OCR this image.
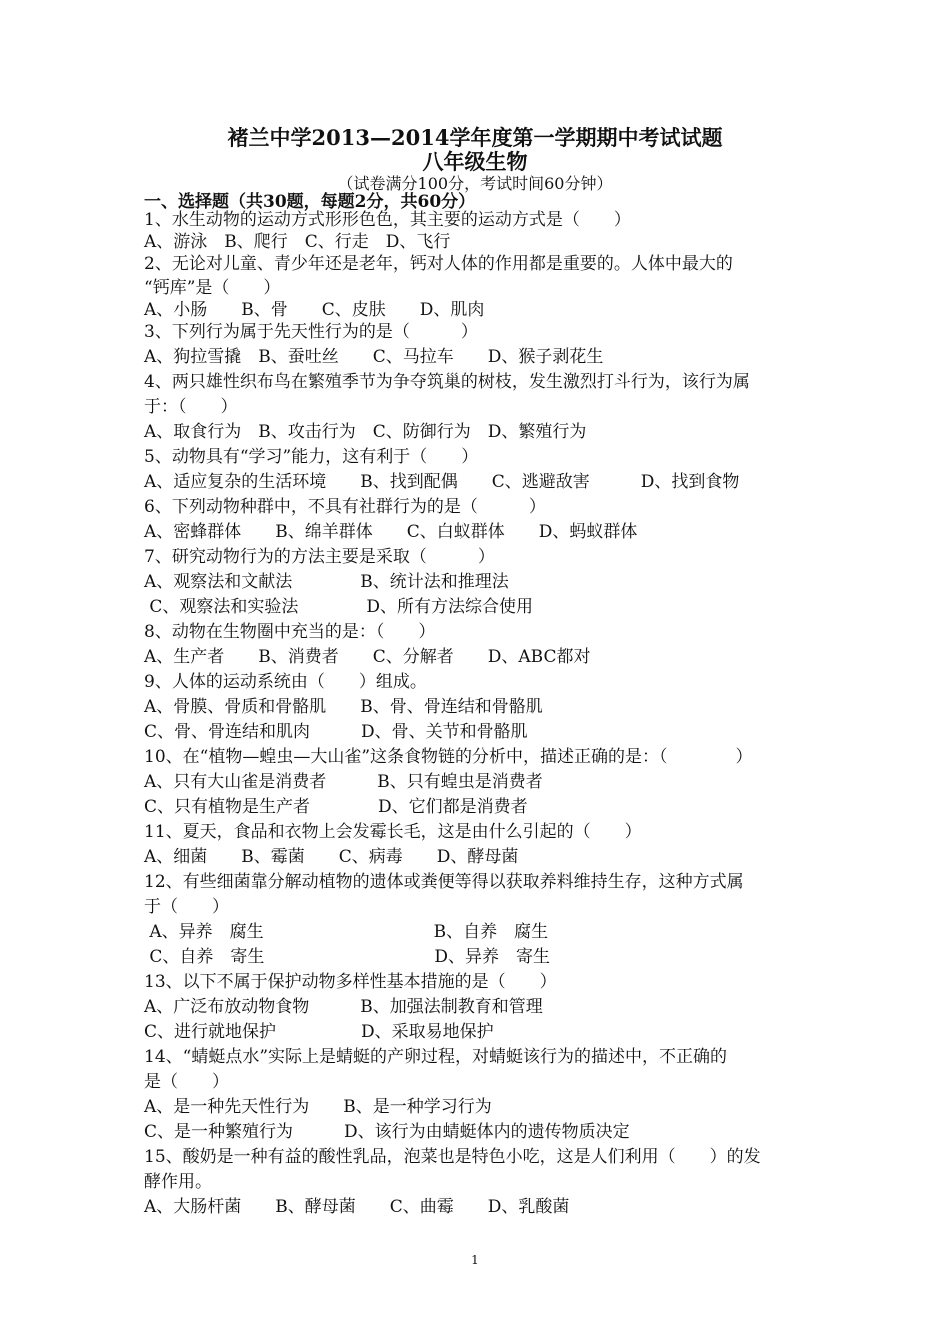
褚兰中学2013—2014学年度第一学期期中考试试题
八年级生物
（试卷满分100分，考试时间60分钟）
一、选择题（共30题，每题2分，共60分）
1、水生动物的运动方式形形色色，其主要的运动方式是（　　）
A、游泳　B、爬行　C、行走　D、飞行
2、无论对儿童、青少年还是老年，钙对人体的作用都是重要的。人体中最大的
“钙库”是（　　）
A、小肠　　B、骨　　C、皮肤　　D、肌肉
3、下列行为属于先天性行为的是（　　　）
A、狗拉雪撬　B、蚕吐丝　　C、马拉车　　D、猴子剥花生
4、两只雄性织布鸟在繁殖季节为争夺筑巢的树枝，发生激烈打斗行为，该行为属
于：（　　）
A、取食行为　B、攻击行为　C、防御行为　D、繁殖行为
5、动物具有“学习”能力，这有利于（　　）
A、适应复杂的生活环境　　B、找到配偶　　C、逃避敌害　　　D、找到食物
6、下列动物种群中，不具有社群行为的是（　　　）
A、密蜂群体　　B、绵羊群体　　C、白蚁群体　　D、蚂蚁群体
7、研究动物行为的方法主要是采取（　　　）
A、观察法和文献法　　　　B、统计法和推理法
C、观察法和实验法　　　　D、所有方法综合使用
8、动物在生物圈中充当的是：（　　）
A、生产者　　B、消费者　　C、分解者　　D、ABC都对
9、人体的运动系统由（　　）组成。
A、骨膜、骨质和骨骼肌　　B、骨、骨连结和骨骼肌
C、骨、骨连结和肌肉　　　D、骨、关节和骨骼肌
10、在“植物—蝗虫—大山雀”这条食物链的分析中，描述正确的是：（　　　　）
A、只有大山雀是消费者　　　B、只有蝗虫是消费者
C、只有植物是生产者　　　　D、它们都是消费者
11、夏天，食品和衣物上会发霉长毛，这是由什么引起的（　　）
A、细菌　　B、霉菌　　C、病毒　　D、酵母菌
12、有些细菌靠分解动植物的遗体或粪便等得以获取养料维持生存，这种方式属
于（　　）
A、异养　腐生　　　　　　　　　　B、自养　腐生
C、自养　寄生　　　　　　　　　　D、异养　寄生
13、以下不属于保护动物多样性基本措施的是（　　）
A、广泛布放动物食物　　　B、加强法制教育和管理
C、进行就地保护　　　　　D、采取易地保护
14、“蜻蜓点水”实际上是蜻蜓的产卵过程，对蜻蜓该行为的描述中，不正确的
是（　　）
A、是一种先天性行为　　B、是一种学习行为
C、是一种繁殖行为　　　D、该行为由蜻蜓体内的遗传物质决定
15、酸奶是一种有益的酸性乳品，泡菜也是特色小吃，这是人们利用（　　）的发
酵作用。
A、大肠杆菌　　B、酵母菌　　C、曲霉　　D、乳酸菌
1
